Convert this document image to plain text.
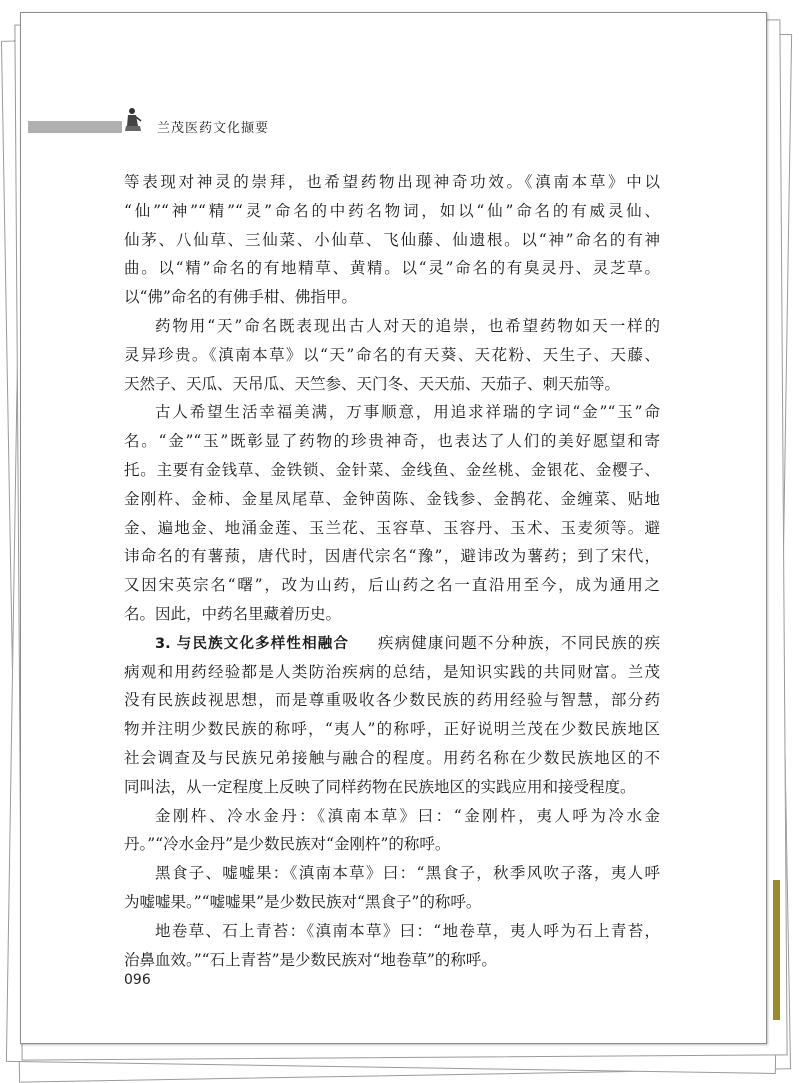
兰茂医药文化撷要
等表现对神灵的崇拜，也希望药物出现神奇功效。《滇南本草》中以
“仙”“神”“精”“灵”命名的中药名物词，如以“仙”命名的有威灵仙、
仙茅、八仙草、三仙菜、小仙草、飞仙藤、仙遗根。以“神”命名的有神
曲。以“精”命名的有地精草、黄精。以“灵”命名的有臭灵丹、灵芝草。
以“佛”命名的有佛手柑、佛指甲。
药物用“天”命名既表现出古人对天的追崇，也希望药物如天一样的
灵异珍贵。《滇南本草》以“天”命名的有天葵、天花粉、天生子、天藤、
天然子、天瓜、天吊瓜、天竺参、天门冬、天天茄、天茄子、刺天茄等。
古人希望生活幸福美满，万事顺意，用追求祥瑞的字词“金”“玉”命
名。“金”“玉”既彰显了药物的珍贵神奇，也表达了人们的美好愿望和寄
托。主要有金钱草、金铁锁、金针菜、金线鱼、金丝桃、金银花、金樱子、
金刚杵、金柿、金星凤尾草、金钟茵陈、金钱参、金鹊花、金缠菜、贴地
金、遍地金、地涌金莲、玉兰花、玉容草、玉容丹、玉术、玉麦须等。避
讳命名的有薯蓣，唐代时，因唐代宗名“豫”，避讳改为薯药；到了宋代，
又因宋英宗名“曙”，改为山药，后山药之名一直沿用至今，成为通用之
名。因此，中药名里藏着历史。
3. 与民族文化多样性相融合 　 疾病健康问题不分种族，不同民族的疾
病观和用药经验都是人类防治疾病的总结，是知识实践的共同财富。兰茂
没有民族歧视思想，而是尊重吸收各少数民族的药用经验与智慧，部分药
物并注明少数民族的称呼，“夷人”的称呼，正好说明兰茂在少数民族地区
社会调查及与民族兄弟接触与融合的程度。用药名称在少数民族地区的不
同叫法，从一定程度上反映了同样药物在民族地区的实践应用和接受程度。
金刚杵、冷水金丹：《滇南本草》曰：“金刚杵，夷人呼为冷水金
丹。”“冷水金丹”是少数民族对“金刚杵”的称呼。
黑食子、嘘嘘果：《滇南本草》曰：“黑食子，秋季风吹子落，夷人呼
为嘘嘘果。”“嘘嘘果”是少数民族对“黑食子”的称呼。
地卷草、石上青苔：《滇南本草》曰：“地卷草，夷人呼为石上青苔，
治鼻血效。”“石上青苔”是少数民族对“地卷草”的称呼。
096
